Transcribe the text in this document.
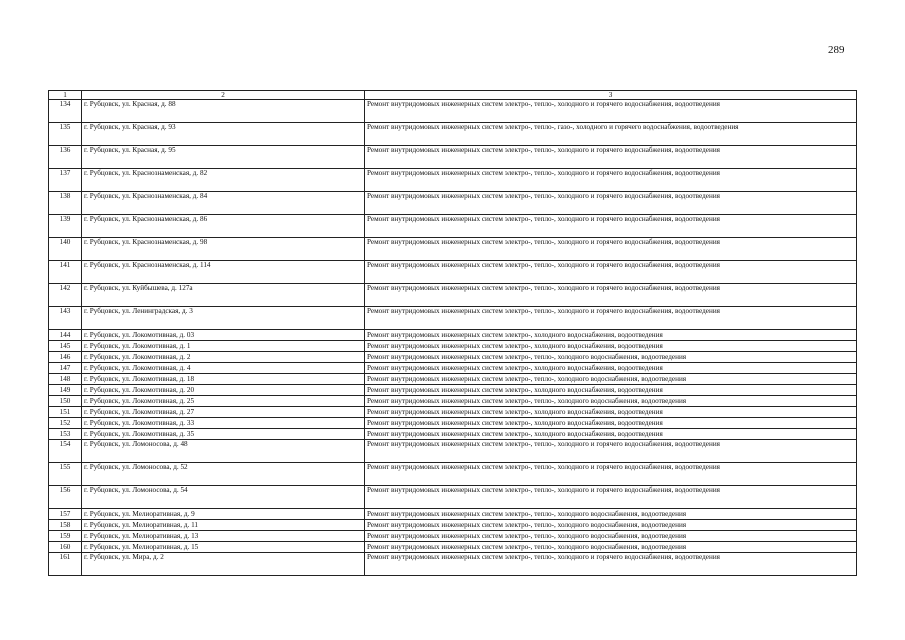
289
1	2	3
134	г. Рубцовск, ул. Красная, д. 88	Ремонт внутридомовых инженерных систем электро-, тепло-, холодного и горячего водоснабжения, водоотведения
135	г. Рубцовск, ул. Красная, д. 93	Ремонт внутридомовых инженерных систем электро-, тепло-, газо-, холодного и горячего водоснабжения, водоотведения
136	г. Рубцовск, ул. Красная, д. 95	Ремонт внутридомовых инженерных систем электро-, тепло-, холодного и горячего водоснабжения, водоотведения
137	г. Рубцовск, ул. Краснознаменская, д. 82	Ремонт внутридомовых инженерных систем электро-, тепло-, холодного и горячего водоснабжения, водоотведения
138	г. Рубцовск, ул. Краснознаменская, д. 84	Ремонт внутридомовых инженерных систем электро-, тепло-, холодного и горячего водоснабжения, водоотведения
139	г. Рубцовск, ул. Краснознаменская, д. 86	Ремонт внутридомовых инженерных систем электро-, тепло-, холодного и горячего водоснабжения, водоотведения
140	г. Рубцовск, ул. Краснознаменская, д. 98	Ремонт внутридомовых инженерных систем электро-, тепло-, холодного и горячего водоснабжения, водоотведения
141	г. Рубцовск, ул. Краснознаменская, д. 114	Ремонт внутридомовых инженерных систем электро-, тепло-, холодного и горячего водоснабжения, водоотведения
142	г. Рубцовск, ул. Куйбышева, д. 127а	Ремонт внутридомовых инженерных систем электро-, тепло-, холодного и горячего водоснабжения, водоотведения
143	г. Рубцовск, ул. Ленинградская, д. 3	Ремонт внутридомовых инженерных систем электро-, тепло-, холодного и горячего водоснабжения, водоотведения
144	г. Рубцовск, ул. Локомотивная, д. 03	Ремонт внутридомовых инженерных систем электро-, холодного водоснабжения, водоотведения
145	г. Рубцовск, ул. Локомотивная, д. 1	Ремонт внутридомовых инженерных систем электро-, холодного водоснабжения, водоотведения
146	г. Рубцовск, ул. Локомотивная, д. 2	Ремонт внутридомовых инженерных систем электро-, тепло-, холодного водоснабжения, водоотведения
147	г. Рубцовск, ул. Локомотивная, д. 4	Ремонт внутридомовых инженерных систем электро-, холодного водоснабжения, водоотведения
148	г. Рубцовск, ул. Локомотивная, д. 18	Ремонт внутридомовых инженерных систем электро-, тепло-, холодного водоснабжения, водоотведения
149	г. Рубцовск, ул. Локомотивная, д. 20	Ремонт внутридомовых инженерных систем электро-, холодного водоснабжения, водоотведения
150	г. Рубцовск, ул. Локомотивная, д. 25	Ремонт внутридомовых инженерных систем электро-, тепло-, холодного водоснабжения, водоотведения
151	г. Рубцовск, ул. Локомотивная, д. 27	Ремонт внутридомовых инженерных систем электро-, холодного водоснабжения, водоотведения
152	г. Рубцовск, ул. Локомотивная, д. 33	Ремонт внутридомовых инженерных систем электро-, холодного водоснабжения, водоотведения
153	г. Рубцовск, ул. Локомотивная, д. 35	Ремонт внутридомовых инженерных систем электро-, холодного водоснабжения, водоотведения
154	г. Рубцовск, ул. Ломоносова, д. 48	Ремонт внутридомовых инженерных систем электро-, тепло-, холодного и горячего водоснабжения, водоотведения
155	г. Рубцовск, ул. Ломоносова, д. 52	Ремонт внутридомовых инженерных систем электро-, тепло-, холодного и горячего водоснабжения, водоотведения
156	г. Рубцовск, ул. Ломоносова, д. 54	Ремонт внутридомовых инженерных систем электро-, тепло-, холодного и горячего водоснабжения, водоотведения
157	г. Рубцовск, ул. Мелиоративная, д. 9	Ремонт внутридомовых инженерных систем электро-, тепло-, холодного водоснабжения, водоотведения
158	г. Рубцовск, ул. Мелиоративная, д. 11	Ремонт внутридомовых инженерных систем электро-, тепло-, холодного водоснабжения, водоотведения
159	г. Рубцовск, ул. Мелиоративная, д. 13	Ремонт внутридомовых инженерных систем электро-, тепло-, холодного водоснабжения, водоотведения
160	г. Рубцовск, ул. Мелиоративная, д. 15	Ремонт внутридомовых инженерных систем электро-, тепло-, холодного водоснабжения, водоотведения
161	г. Рубцовск, ул. Мира, д. 2	Ремонт внутридомовых инженерных систем электро-, тепло-, холодного и горячего водоснабжения, водоотведения
